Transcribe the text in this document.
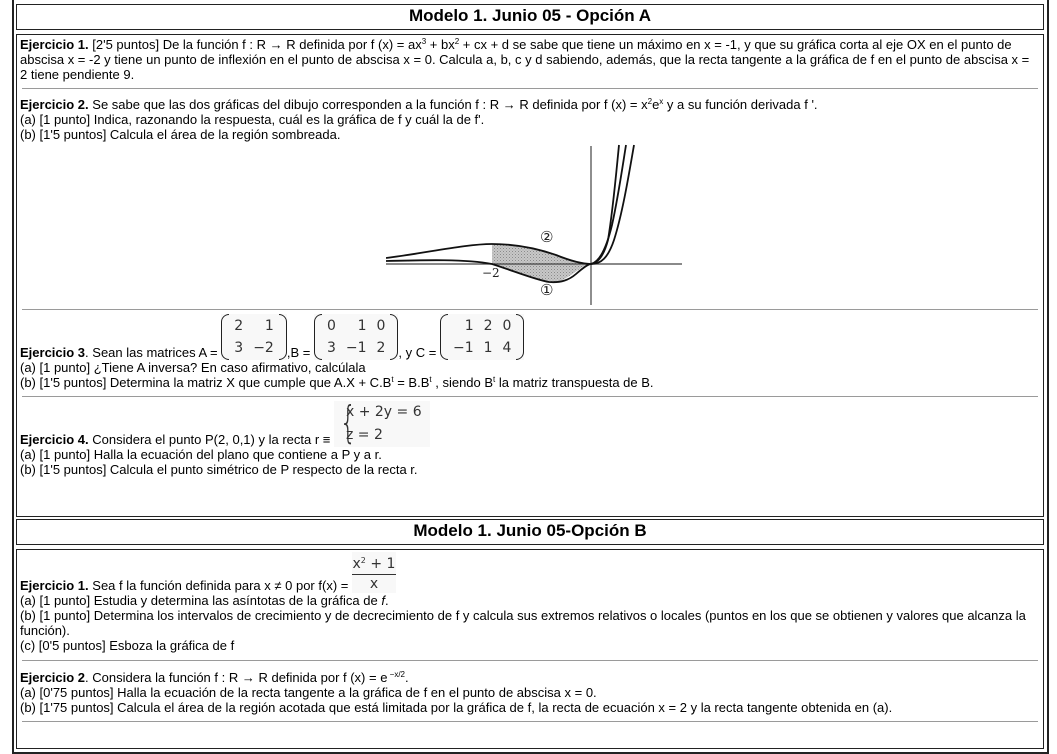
Modelo 1. Junio 05 - Opción A
Ejercicio 1. [2'5 puntos] De la función f : R → R definida por f $(x) = ax^3 + bx^2$ + cx + d se sabe que tiene un máximo en x = -1, y que su gráfica corta al eje OX en el punto de abscisa x = -2 y tiene un punto de inflexión en el punto de abscisa x = 0. Calcula a, b, c y d sabiendo, además, que la recta tangente a la gráfica de f en el punto de abscisa x = 2 tiene pendiente 9.
Ejercicio 2. Se sabe que las dos gráficas del dibujo corresponden a la función f : R → R definida por f $(x) = x^2e^x$ y a su función derivada f '.
(a) [1 punto] Indica, razonando la respuesta, cuál es la gráfica de f y cuál la de f'.
(b) [1'5 puntos] Calcula el área de la región sombreada.
−2
②
①
Ejercicio 3. Sean las matrices A =
2	1
3	−2 ,B =
0	1	0
3	−1	2 , y C =
1	2	0
−1	1	4
(a) [1 punto] ¿Tiene A inversa? En caso afirmativo, calcúlala
(b) [1'5 puntos] Determina la matriz X que cumple que $A.X + C.B^t = B.B^t$ , siendo $B^t$ la matriz transpuesta de B.
Ejercicio 4. Considera el punto P(2, 0,1) y la recta r ≡ {
x + 2y = 6
z = 2
(a) [1 punto] Halla la ecuación del plano que contiene a P y a r.
(b) [1'5 puntos] Calcula el punto simétrico de P respecto de la recta r.
Modelo 1. Junio 05-Opción B
Ejercicio 1. Sea f la función definida para x ≠ 0 por $f(x) = \frac{x^2 + 1}{x}$
(a) [1 punto] Estudia y determina las asíntotas de la gráfica de f.
(b) [1 punto] Determina los intervalos de crecimiento y de decrecimiento de f y calcula sus extremos relativos o locales (puntos en los que se obtienen y valores que alcanza la función).
(c) [0'5 puntos] Esboza la gráfica de f
Ejercicio 2. Considera la función f : R → R definida por f (x) = e $^{-x/2}$.
(a) [0'75 puntos] Halla la ecuación de la recta tangente a la gráfica de f en el punto de abscisa x = 0.
(b) [1'75 puntos] Calcula el área de la región acotada que está limitada por la gráfica de f, la recta de ecuación x = 2 y la recta tangente obtenida en (a).
